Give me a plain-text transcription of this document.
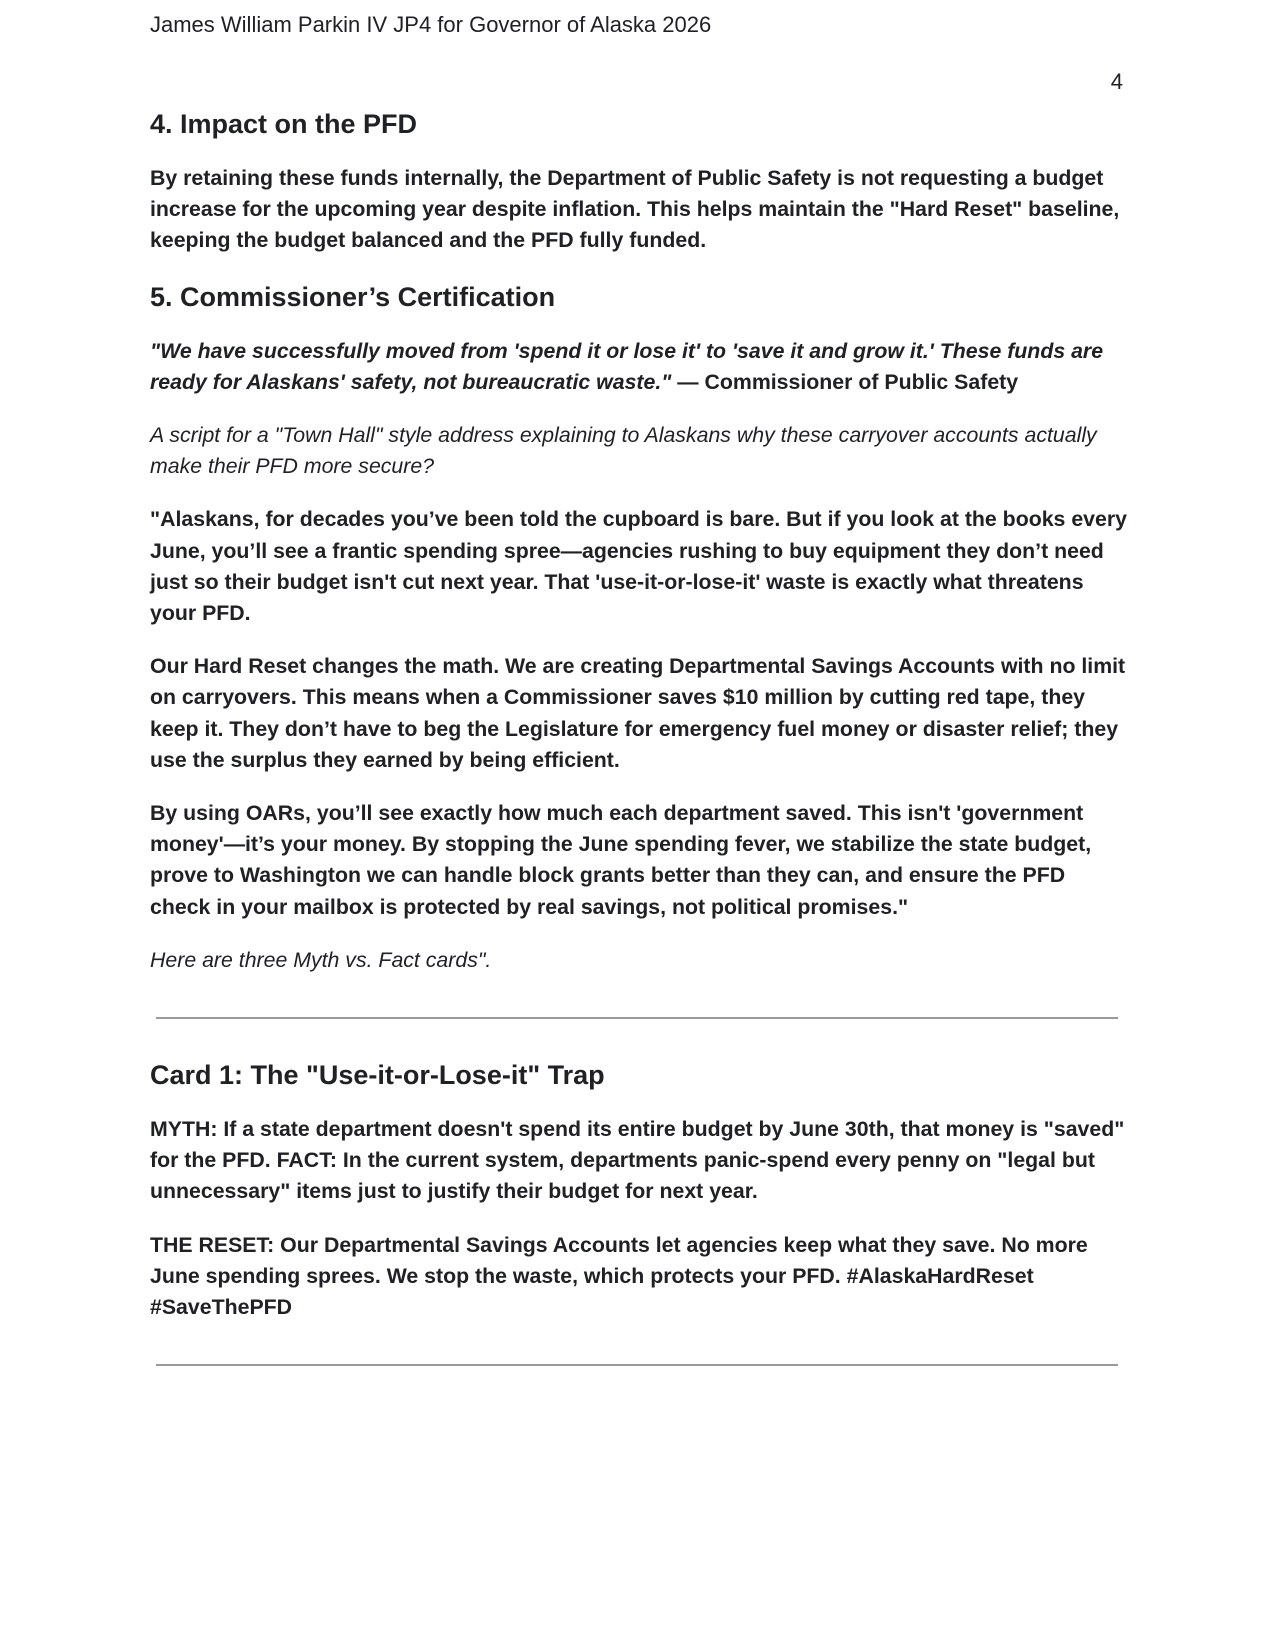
James William Parkin IV JP4 for Governor of Alaska 2026
4
4. Impact on the PFD

By retaining these funds internally, the Department of Public Safety is not requesting a budget increase for the upcoming year despite inflation. This helps maintain the "Hard Reset" baseline, keeping the budget balanced and the PFD fully funded.

5. Commissioner’s Certification

"We have successfully moved from 'spend it or lose it' to 'save it and grow it.' These funds are ready for Alaskans' safety, not bureaucratic waste." — Commissioner of Public Safety

A script for a "Town Hall" style address explaining to Alaskans why these carryover accounts actually make their PFD more secure?

"Alaskans, for decades you’ve been told the cupboard is bare. But if you look at the books every June, you’ll see a frantic spending spree—agencies rushing to buy equipment they don’t need just so their budget isn't cut next year. That 'use-it-or-lose-it' waste is exactly what threatens your PFD.

Our Hard Reset changes the math. We are creating Departmental Savings Accounts with no limit on carryovers. This means when a Commissioner saves $10 million by cutting red tape, they keep it. They don’t have to beg the Legislature for emergency fuel money or disaster relief; they use the surplus they earned by being efficient.

By using OARs, you’ll see exactly how much each department saved. This isn't 'government money'—it’s your money. By stopping the June spending fever, we stabilize the state budget, prove to Washington we can handle block grants better than they can, and ensure the PFD check in your mailbox is protected by real savings, not political promises."

Here are three Myth vs. Fact cards".

Card 1: The "Use-it-or-Lose-it" Trap

MYTH: If a state department doesn't spend its entire budget by June 30th, that money is "saved" for the PFD. FACT: In the current system, departments panic-spend every penny on "legal but unnecessary" items just to justify their budget for next year.

THE RESET: Our Departmental Savings Accounts let agencies keep what they save. No more June spending sprees. We stop the waste, which protects your PFD. #AlaskaHardReset #SaveThePFD
